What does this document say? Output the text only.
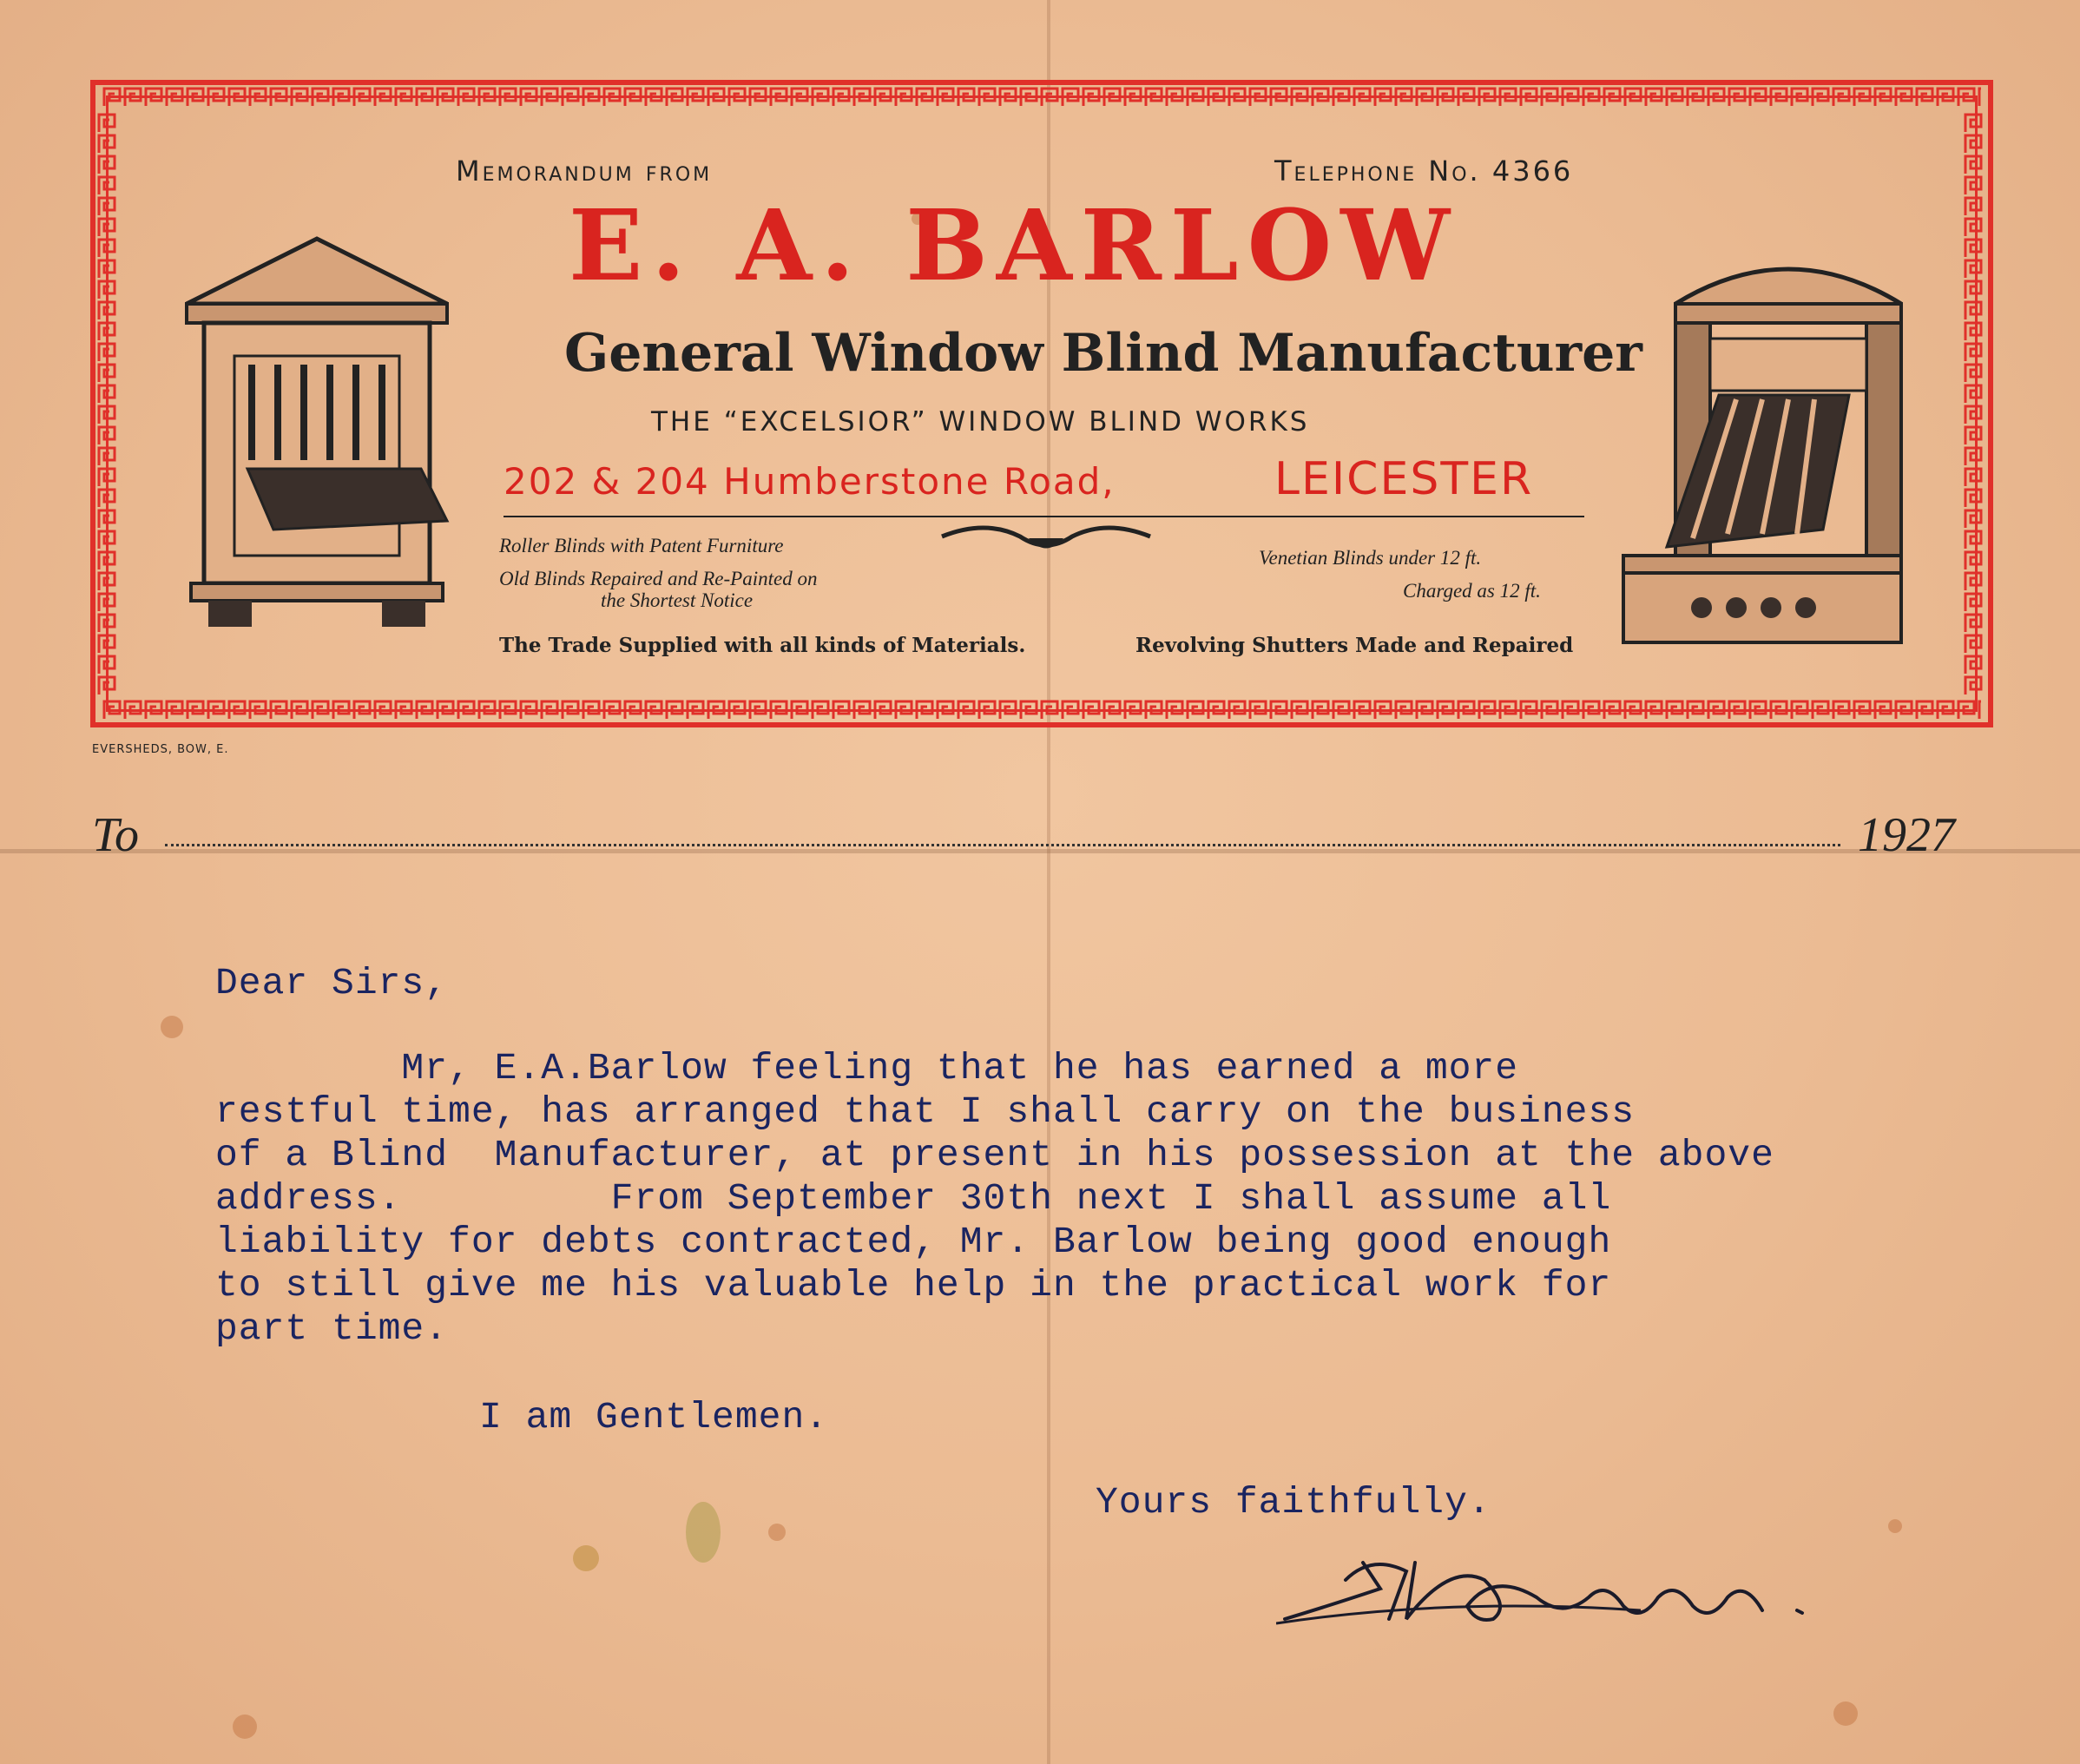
Memorandum from	Telephone No. 4366
E. A. BARLOW
General Window Blind Manufacturer
THE “EXCELSIOR” WINDOW BLIND WORKS
202 & 204 Humberstone Road,	LEICESTER
Roller Blinds with Patent Furniture
Old Blinds Repaired and Re-Painted on
the Shortest Notice
Venetian Blinds under 12 ft.
Charged as 12 ft.
The Trade Supplied with all kinds of Materials.	Revolving Shutters Made and Repaired
EVERSHEDS, BOW, E.
To	1927
Dear Sirs,
Mr, E.A.Barlow feeling that he has earned a more
restful time, has arranged that I shall carry on the business
of a Blind  Manufacturer, at present in his possession at the above
address.         From September 30th next I shall assume all
liability for debts contracted, Mr. Barlow being good enough
to still give me his valuable help in the practical work for
part time.
I am Gentlemen.
Yours faithfully.
